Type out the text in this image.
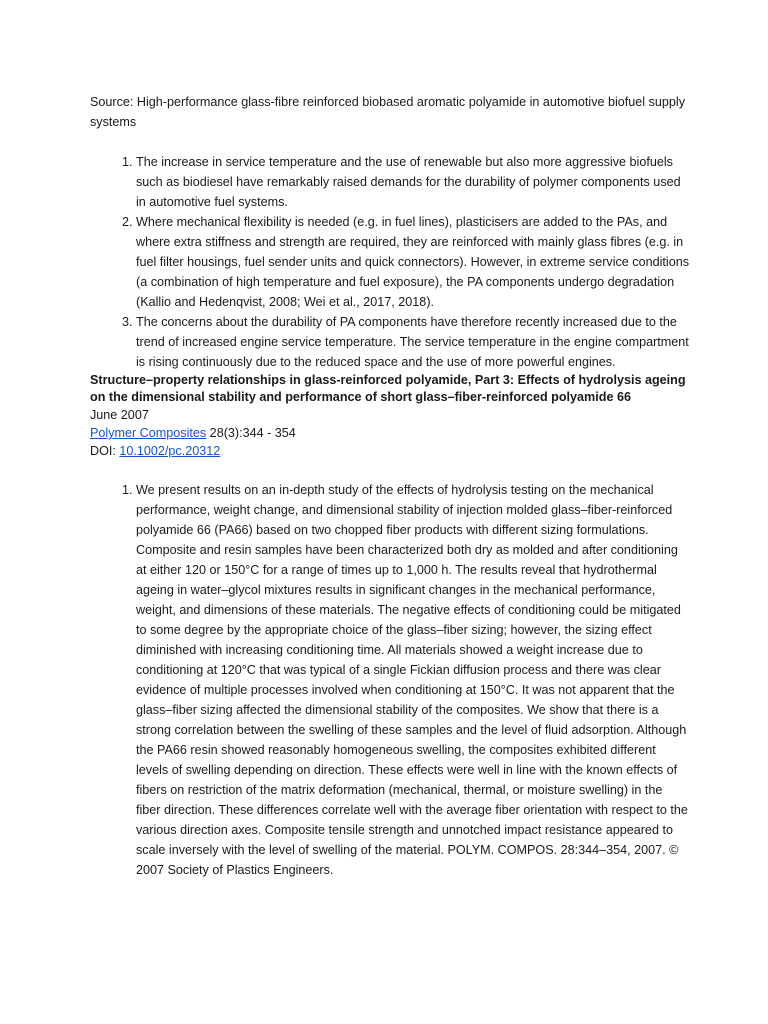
Source: High-performance glass-fibre reinforced biobased aromatic polyamide in automotive biofuel supply systems

1. The increase in service temperature and the use of renewable but also more aggressive biofuels such as biodiesel have remarkably raised demands for the durability of polymer components used in automotive fuel systems.
2. Where mechanical flexibility is needed (e.g. in fuel lines), plasticisers are added to the PAs, and where extra stiffness and strength are required, they are reinforced with mainly glass fibres (e.g. in fuel filter housings, fuel sender units and quick connectors). However, in extreme service conditions (a combination of high temperature and fuel exposure), the PA components undergo degradation (Kallio and Hedenqvist, 2008; Wei et al., 2017, 2018).
3. The concerns about the durability of PA components have therefore recently increased due to the trend of increased engine service temperature. The service temperature in the engine compartment is rising continuously due to the reduced space and the use of more powerful engines.

Structure–property relationships in glass-reinforced polyamide, Part 3: Effects of hydrolysis ageing on the dimensional stability and performance of short glass–fiber-reinforced polyamide 66

June 2007

Polymer Composites 28(3):344 - 354

DOI: 10.1002/pc.20312

1. We present results on an in-depth study of the effects of hydrolysis testing on the mechanical performance, weight change, and dimensional stability of injection molded glass–fiber-reinforced polyamide 66 (PA66) based on two chopped fiber products with different sizing formulations. Composite and resin samples have been characterized both dry as molded and after conditioning at either 120 or 150°C for a range of times up to 1,000 h. The results reveal that hydrothermal ageing in water–glycol mixtures results in significant changes in the mechanical performance, weight, and dimensions of these materials. The negative effects of conditioning could be mitigated to some degree by the appropriate choice of the glass–fiber sizing; however, the sizing effect diminished with increasing conditioning time. All materials showed a weight increase due to conditioning at 120°C that was typical of a single Fickian diffusion process and there was clear evidence of multiple processes involved when conditioning at 150°C. It was not apparent that the glass–fiber sizing affected the dimensional stability of the composites. We show that there is a strong correlation between the swelling of these samples and the level of fluid adsorption. Although the PA66 resin showed reasonably homogeneous swelling, the composites exhibited different levels of swelling depending on direction. These effects were well in line with the known effects of fibers on restriction of the matrix deformation (mechanical, thermal, or moisture swelling) in the fiber direction. These differences correlate well with the average fiber orientation with respect to the various direction axes. Composite tensile strength and unnotched impact resistance appeared to scale inversely with the level of swelling of the material. POLYM. COMPOS. 28:344–354, 2007. © 2007 Society of Plastics Engineers.
